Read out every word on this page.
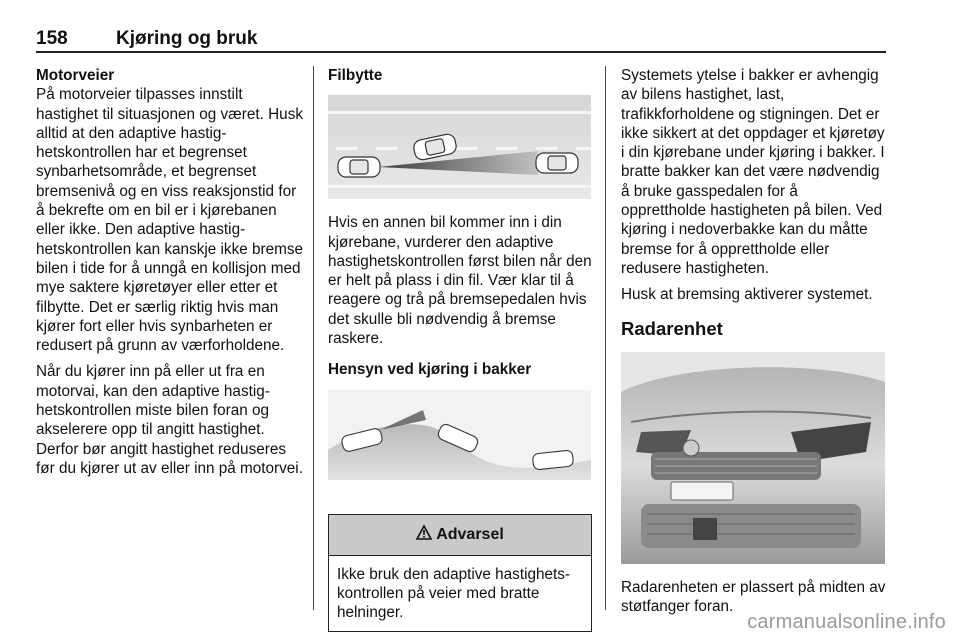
158	Kjøring og bruk

Motorveier

På motorveier tilpasses innstilt hastighet til situasjonen og været. Husk alltid at den adaptive hastighetskontrollen har et begrenset synbarhetsområde, et begrenset bremsenivå og en viss reaksjonstid for å bekrefte om en bil er i kjørebanen eller ikke. Den adaptive hastighetskontrollen kan kanskje ikke bremse bilen i tide for å unngå en kollisjon med mye saktere kjøretøyer eller etter et filbytte. Det er særlig riktig hvis man kjører fort eller hvis synbarheten er redusert på grunn av værforholdene.

Når du kjører inn på eller ut fra en motorvai, kan den adaptive hastighetskontrollen miste bilen foran og akselerere opp til angitt hastighet. Derfor bør angitt hastighet reduseres før du kjører ut av eller inn på motorvei.

Filbytte

Hvis en annen bil kommer inn i din kjørebane, vurderer den adaptive hastighetskontrollen først bilen når den er helt på plass i din fil. Vær klar til å reagere og trå på bremsepedalen hvis det skulle bli nødvendig å bremse raskere.

Hensyn ved kjøring i bakker

Advarsel
Ikke bruk den adaptive hastighetskontrollen på veier med bratte helninger.

Systemets ytelse i bakker er avhengig av bilens hastighet, last, trafikkforholdene og stigningen. Det er ikke sikkert at det oppdager et kjøretøy i din kjørebane under kjøring i bakker. I bratte bakker kan det være nødvendig å bruke gasspedalen for å opprettholde hastigheten på bilen. Ved kjøring i nedoverbakke kan du måtte bremse for å opprettholde eller redusere hastigheten.

Husk at bremsing aktiverer systemet.

Radarenhet

Radarenheten er plassert på midten av støtfanger foran.

carmanualsonline.info
